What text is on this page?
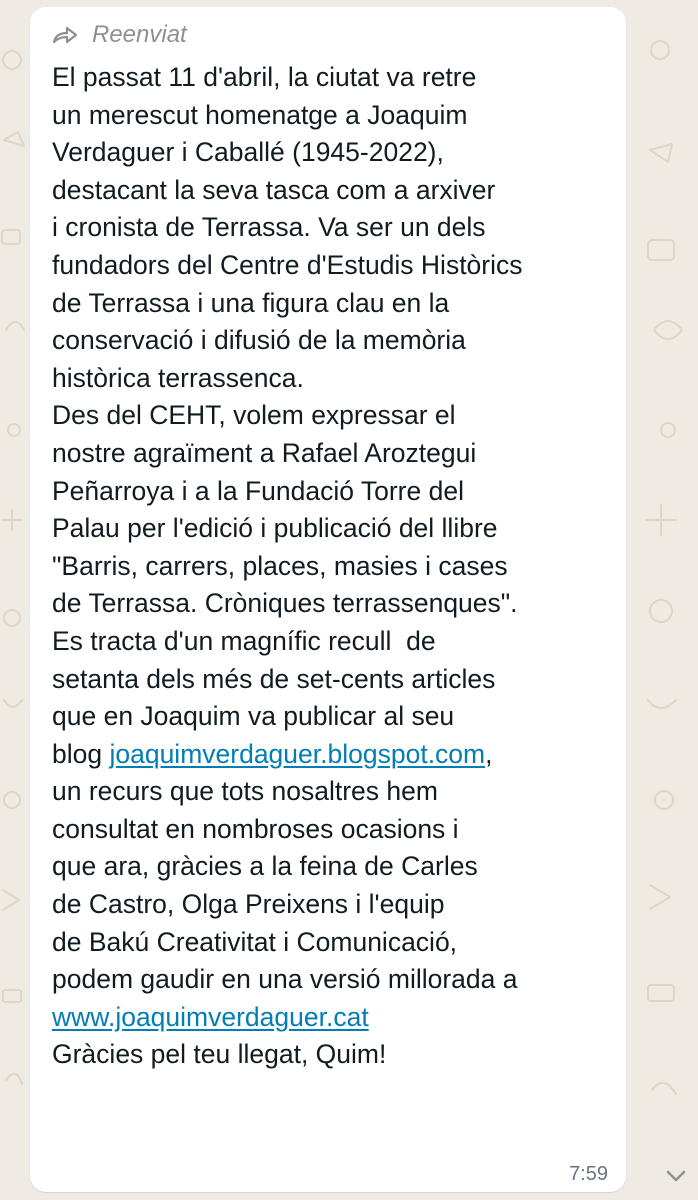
Reenviat
El passat 11 d'abril, la ciutat va retre
un merescut homenatge a Joaquim
Verdaguer i Caballé (1945-2022),
destacant la seva tasca com a arxiver
i cronista de Terrassa. Va ser un dels
fundadors del Centre d'Estudis Històrics
de Terrassa i una figura clau en la
conservació i difusió de la memòria
històrica terrassenca.
Des del CEHT, volem expressar el
nostre agraïment a Rafael Aroztegui
Peñarroya i a la Fundació Torre del
Palau per l'edició i publicació del llibre
"Barris, carrers, places, masies i cases
de Terrassa. Cròniques terrassenques".
Es tracta d'un magnífic recull  de
setanta dels més de set-cents articles
que en Joaquim va publicar al seu
blog joaquimverdaguer.blogspot.com,
un recurs que tots nosaltres hem
consultat en nombroses ocasions i
que ara, gràcies a la feina de Carles
de Castro, Olga Preixens i l'equip
de Bakú Creativitat i Comunicació,
podem gaudir en una versió millorada a
www.joaquimverdaguer.cat
Gràcies pel teu llegat, Quim!
7:59
